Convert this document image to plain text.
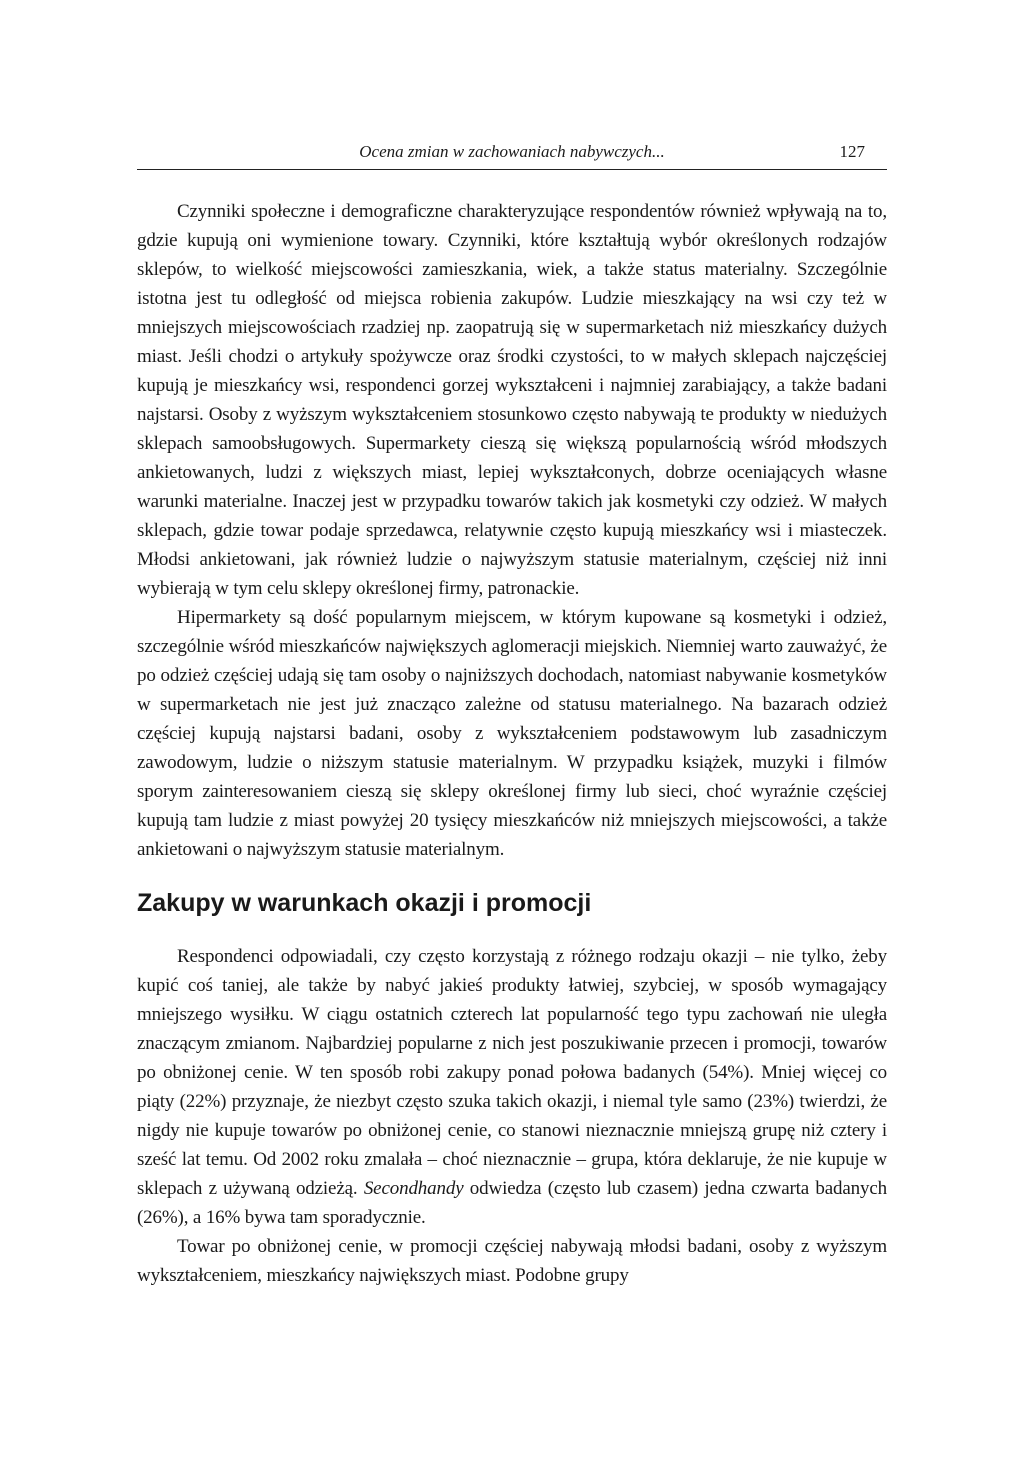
Ocena zmian w zachowaniach nabywczych...	127

Czynniki społeczne i demograficzne charakteryzujące respondentów również wpływają na to, gdzie kupują oni wymienione towary. Czynniki, które kształtują wybór określonych rodzajów sklepów, to wielkość miejscowości zamieszkania, wiek, a także status materialny. Szczególnie istotna jest tu odległość od miejsca robienia zakupów. Ludzie mieszkający na wsi czy też w mniejszych miejscowościach rzadziej np. zaopatrują się w supermarketach niż mieszkańcy dużych miast. Jeśli chodzi o artykuły spożywcze oraz środki czystości, to w małych sklepach najczęściej kupują je mieszkańcy wsi, respondenci gorzej wykształceni i najmniej zarabiający, a także badani najstarsi. Osoby z wyższym wykształceniem stosunkowo często nabywają te produkty w niedużych sklepach samoobsługowych. Supermarkety cieszą się większą popularnością wśród młodszych ankietowanych, ludzi z większych miast, lepiej wykształconych, dobrze oceniających własne warunki materialne. Inaczej jest w przypadku towarów takich jak kosmetyki czy odzież. W małych sklepach, gdzie towar podaje sprzedawca, relatywnie często kupują mieszkańcy wsi i miasteczek. Młodsi ankietowani, jak również ludzie o najwyższym statusie materialnym, częściej niż inni wybierają w tym celu sklepy określonej firmy, patronackie.

Hipermarkety są dość popularnym miejscem, w którym kupowane są kosmetyki i odzież, szczególnie wśród mieszkańców największych aglomeracji miejskich. Niemniej warto zauważyć, że po odzież częściej udają się tam osoby o najniższych dochodach, natomiast nabywanie kosmetyków w supermarketach nie jest już znacząco zależne od statusu materialnego. Na bazarach odzież częściej kupują najstarsi badani, osoby z wykształceniem podstawowym lub zasadniczym zawodowym, ludzie o niższym statusie materialnym. W przypadku książek, muzyki i filmów sporym zainteresowaniem cieszą się sklepy określonej firmy lub sieci, choć wyraźnie częściej kupują tam ludzie z miast powyżej 20 tysięcy mieszkańców niż mniejszych miejscowości, a także ankietowani o najwyższym statusie materialnym.

Zakupy w warunkach okazji i promocji

Respondenci odpowiadali, czy często korzystają z różnego rodzaju okazji – nie tylko, żeby kupić coś taniej, ale także by nabyć jakieś produkty łatwiej, szybciej, w sposób wymagający mniejszego wysiłku. W ciągu ostatnich czterech lat popularność tego typu zachowań nie uległa znaczącym zmianom. Najbardziej popularne z nich jest poszukiwanie przecen i promocji, towarów po obniżonej cenie. W ten sposób robi zakupy ponad połowa badanych (54%). Mniej więcej co piąty (22%) przyznaje, że niezbyt często szuka takich okazji, i niemal tyle samo (23%) twierdzi, że nigdy nie kupuje towarów po obniżonej cenie, co stanowi nieznacznie mniejszą grupę niż cztery i sześć lat temu. Od 2002 roku zmalała – choć nieznacznie – grupa, która deklaruje, że nie kupuje w sklepach z używaną odzieżą. Secondhandy odwiedza (często lub czasem) jedna czwarta badanych (26%), a 16% bywa tam sporadycznie.

Towar po obniżonej cenie, w promocji częściej nabywają młodsi badani, osoby z wyższym wykształceniem, mieszkańcy największych miast. Podobne grupy
